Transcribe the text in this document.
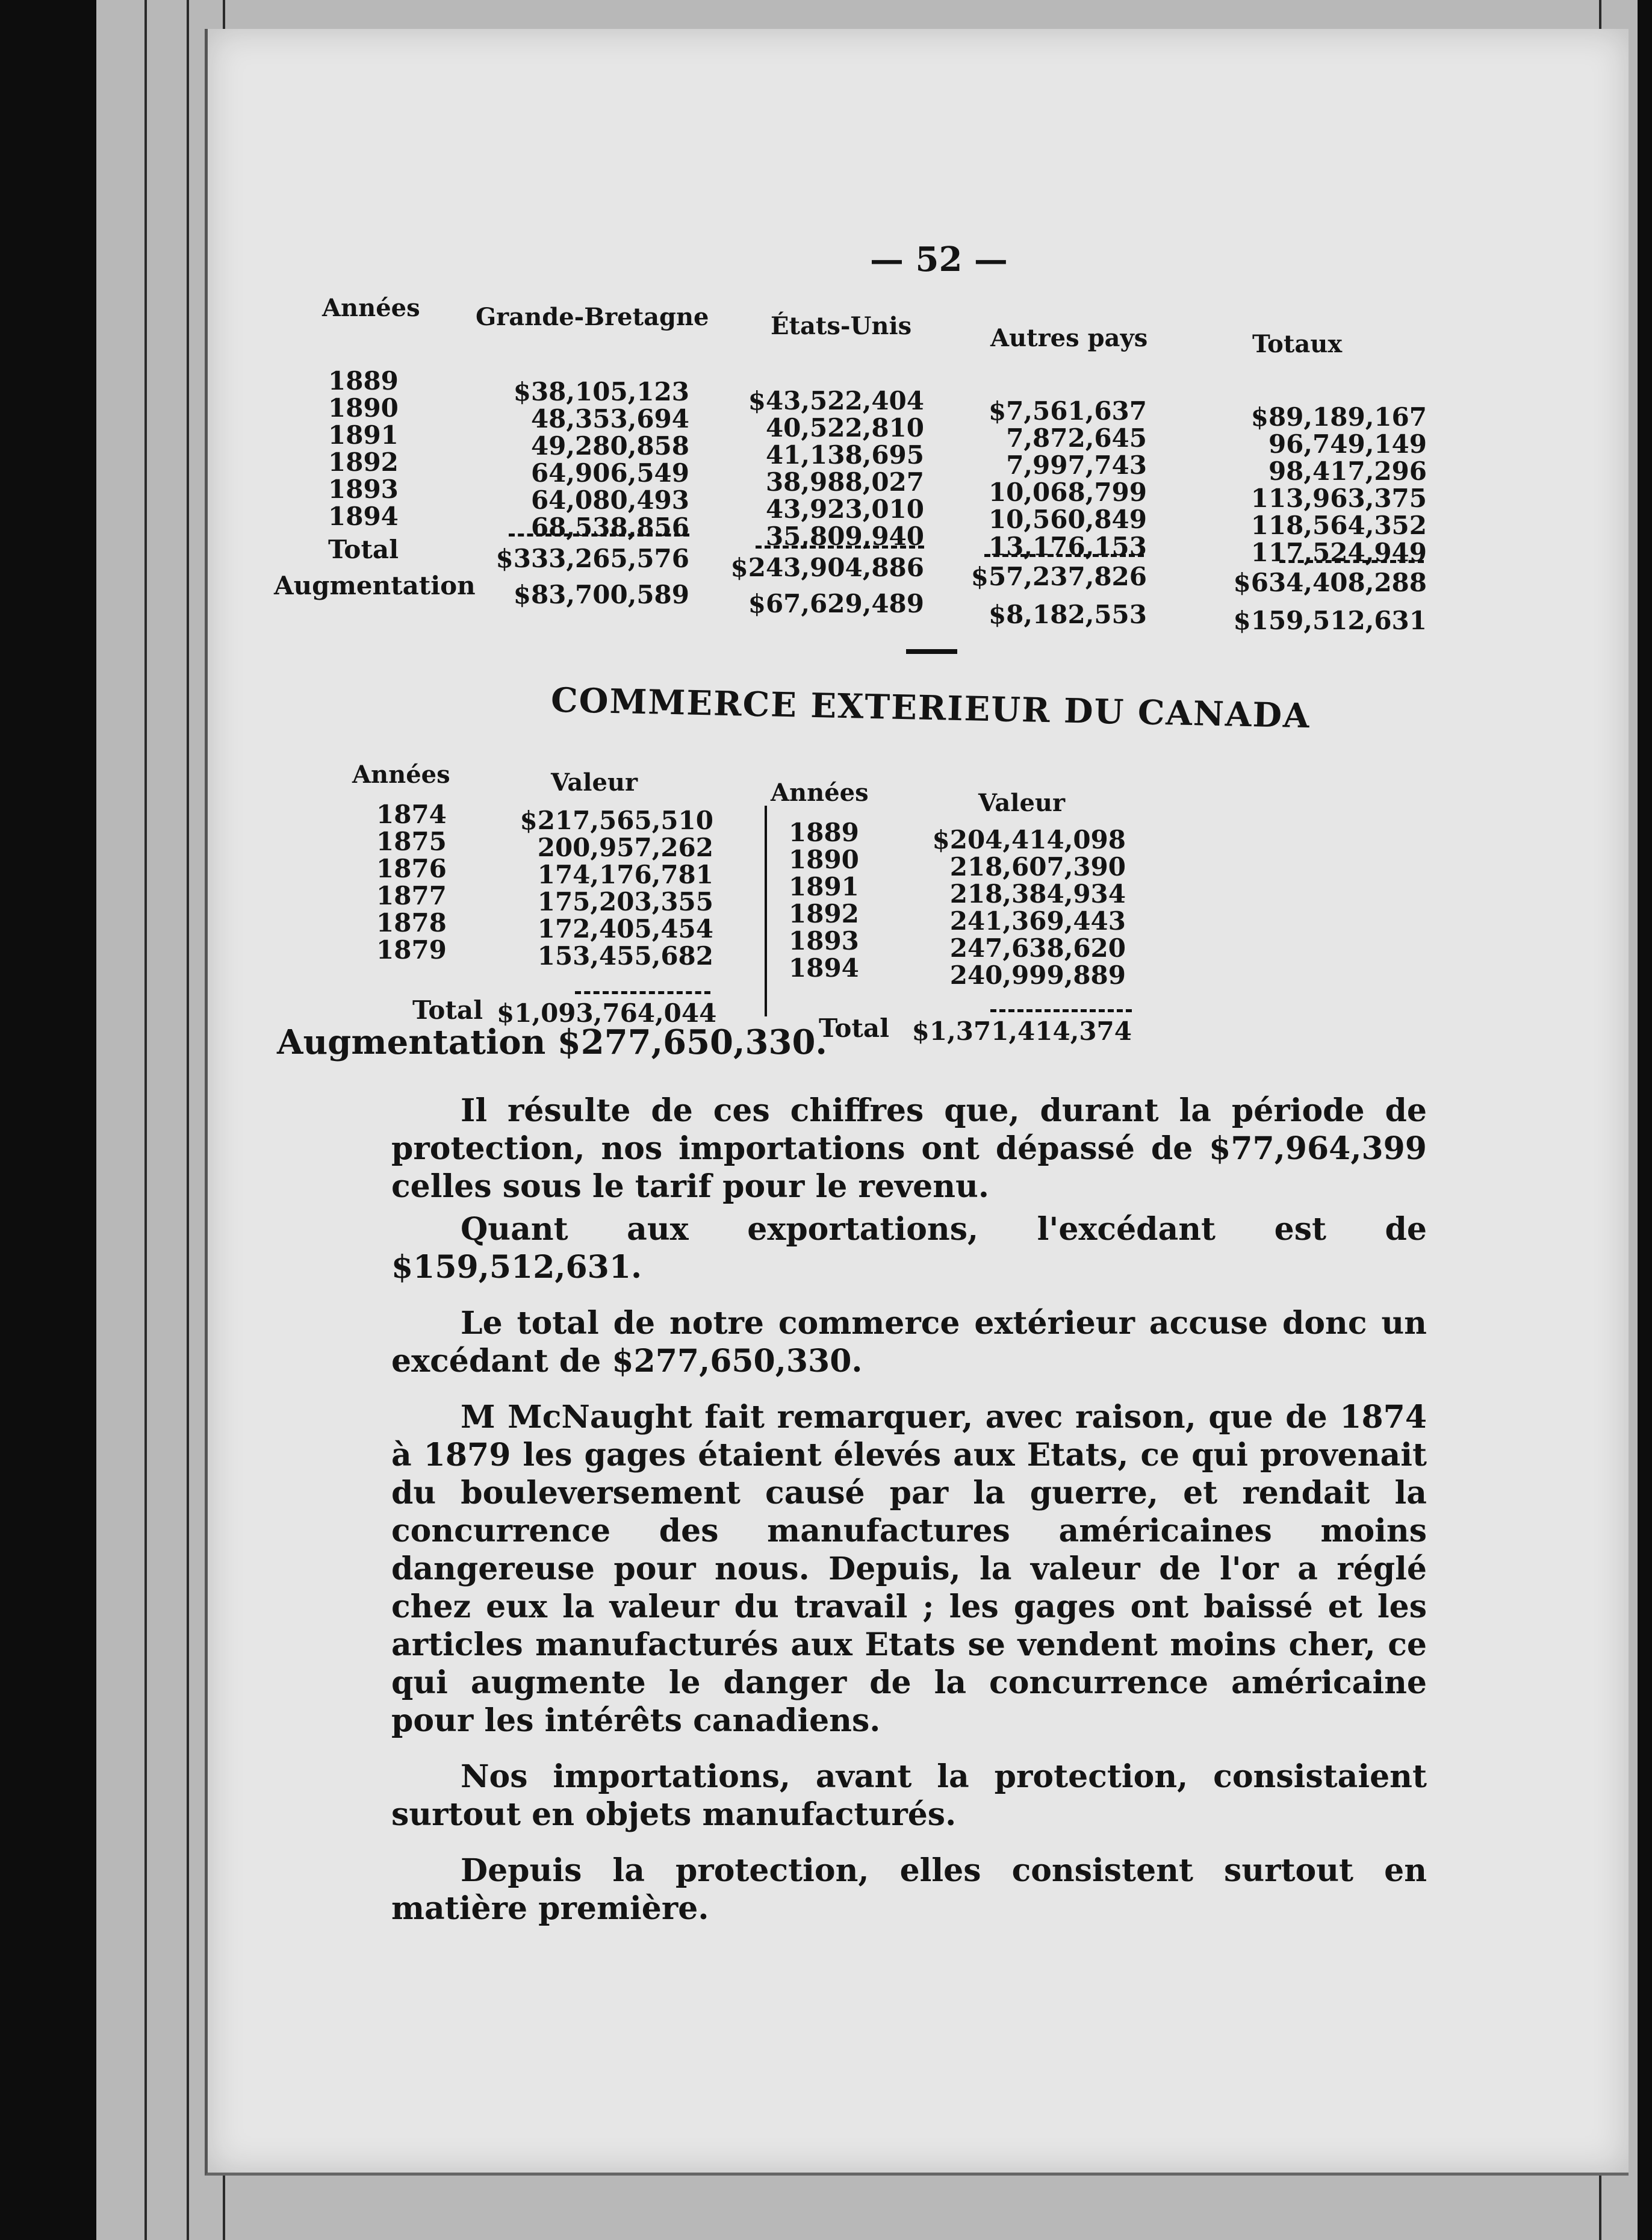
— 52 —
Années Grande-Bretagne	États-Unis	Autres pays	Totaux
1889	$38,105,123	$43,522,404	$7,561,637	$89,189,167
1890	48,353,694	40,522,810	7,872,645	96,749,149
1891	49,280,858	41,138,695	7,997,743	98,417,296
1892	64,906,549	38,988,027	10,068,799	113,963,375
1893	64,080,493	43,923,010	10,560,849	118,564,352
1894	68,538,856	35,809,940	13,176,153	117,524,949
Total	$333,265,576	$243,904,886	$57,237,826	$634,408,288
Augmentation	$83,700,589	$67,629,489	$8,182,553	$159,512,631
COMMERCE EXTERIEUR DU CANADA
Années	Valeur
1874	$217,565,510
1875	200,957,262
1876	174,176,781
1877	175,203,355
1878	172,405,454
1879	153,455,682
Total $1,093,764,044
Années	Valeur
1889	$204,414,098
1890	218,607,390
1891	218,384,934
1892	241,369,443
1893	247,638,620
1894	240,999,889
Total $1,371,414,374
Augmentation $277,650,330.

Il résulte de ces chiffres que, durant la période de protection, nos importations ont dépassé de $77,964,399 celles sous le tarif pour le revenu.

Quant aux exportations, l'excédant est de $159,512,631.

Le total de notre commerce extérieur accuse donc un excédant de $277,650,330.

M McNaught fait remarquer, avec raison, que de 1874 à 1879 les gages étaient élevés aux Etats, ce qui provenait du bouleversement causé par la guerre, et rendait la concurrence des manufactures américaines moins dangereuse pour nous. Depuis, la valeur de l'or a réglé chez eux la valeur du travail ; les gages ont baissé et les articles manufacturés aux Etats se vendent moins cher, ce qui augmente le danger de la concurrence américaine pour les intérêts canadiens.

Nos importations, avant la protection, consistaient surtout en objets manufacturés.

Depuis la protection, elles consistent surtout en matière première.
